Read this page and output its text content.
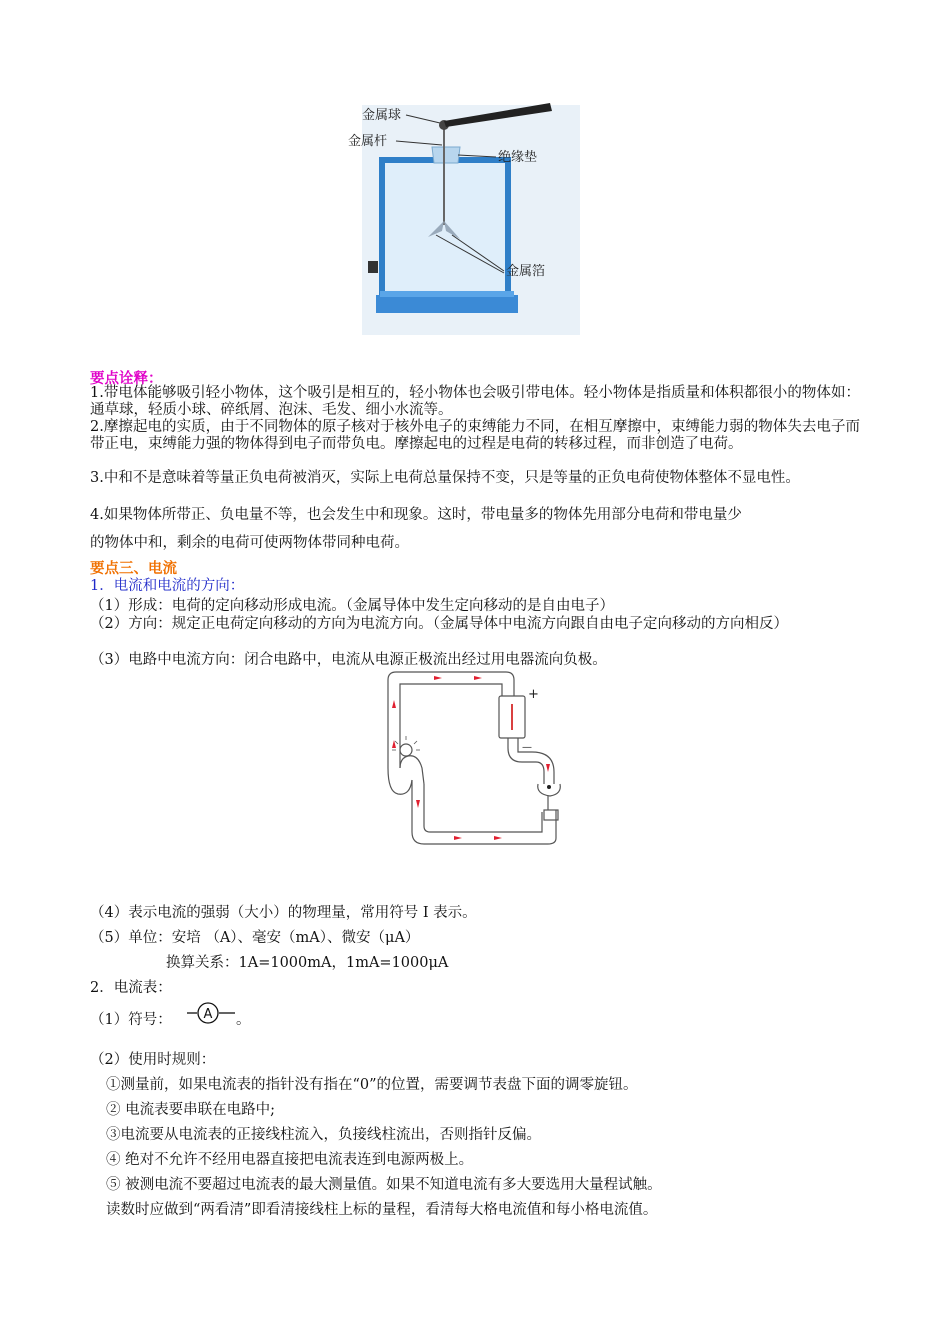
金属球
金属杆
绝缘垫
金属箔
要点诠释：
1.带电体能够吸引轻小物体，这个吸引是相互的，轻小物体也会吸引带电体。轻小物体是指质量和体积都很小的物体如：通草球，轻质小球、碎纸屑、泡沫、毛发、细小水流等。
2.摩擦起电的实质，由于不同物体的原子核对于核外电子的束缚能力不同，在相互摩擦中，束缚能力弱的物体失去电子而带正电，束缚能力强的物体得到电子而带负电。摩擦起电的过程是电荷的转移过程，而非创造了电荷。
3.中和不是意味着等量正负电荷被消灭，实际上电荷总量保持不变，只是等量的正负电荷使物体整体不显电性。
4.如果物体所带正、负电量不等，也会发生中和现象。这时，带电量多的物体先用部分电荷和带电量少
的物体中和，剩余的电荷可使两物体带同种电荷。
要点三、电流
1．电流和电流的方向：
（1）形成：电荷的定向移动形成电流。（金属导体中发生定向移动的是自由电子）
（2）方向：规定正电荷定向移动的方向为电流方向。（金属导体中电流方向跟自由电子定向移动的方向相反）
（3）电路中电流方向：闭合电路中，电流从电源正极流出经过用电器流向负极。
+
—
（4）表示电流的强弱（大小）的物理量，常用符号 I 表示。
（5）单位：安培 （A）、毫安（mA）、微安（μA）
换算关系：1A=1000mA，1mA=1000μA
2．电流表：
（1）符号： A 。
（2）使用时规则：
①测量前，如果电流表的指针没有指在“0”的位置，需要调节表盘下面的调零旋钮。
② 电流表要串联在电路中;
③电流要从电流表的正接线柱流入，负接线柱流出，否则指针反偏。
④ 绝对不允许不经用电器直接把电流表连到电源两极上。
⑤ 被测电流不要超过电流表的最大测量值。如果不知道电流有多大要选用大量程试触。
读数时应做到“两看清”即看清接线柱上标的量程，看清每大格电流值和每小格电流值。
